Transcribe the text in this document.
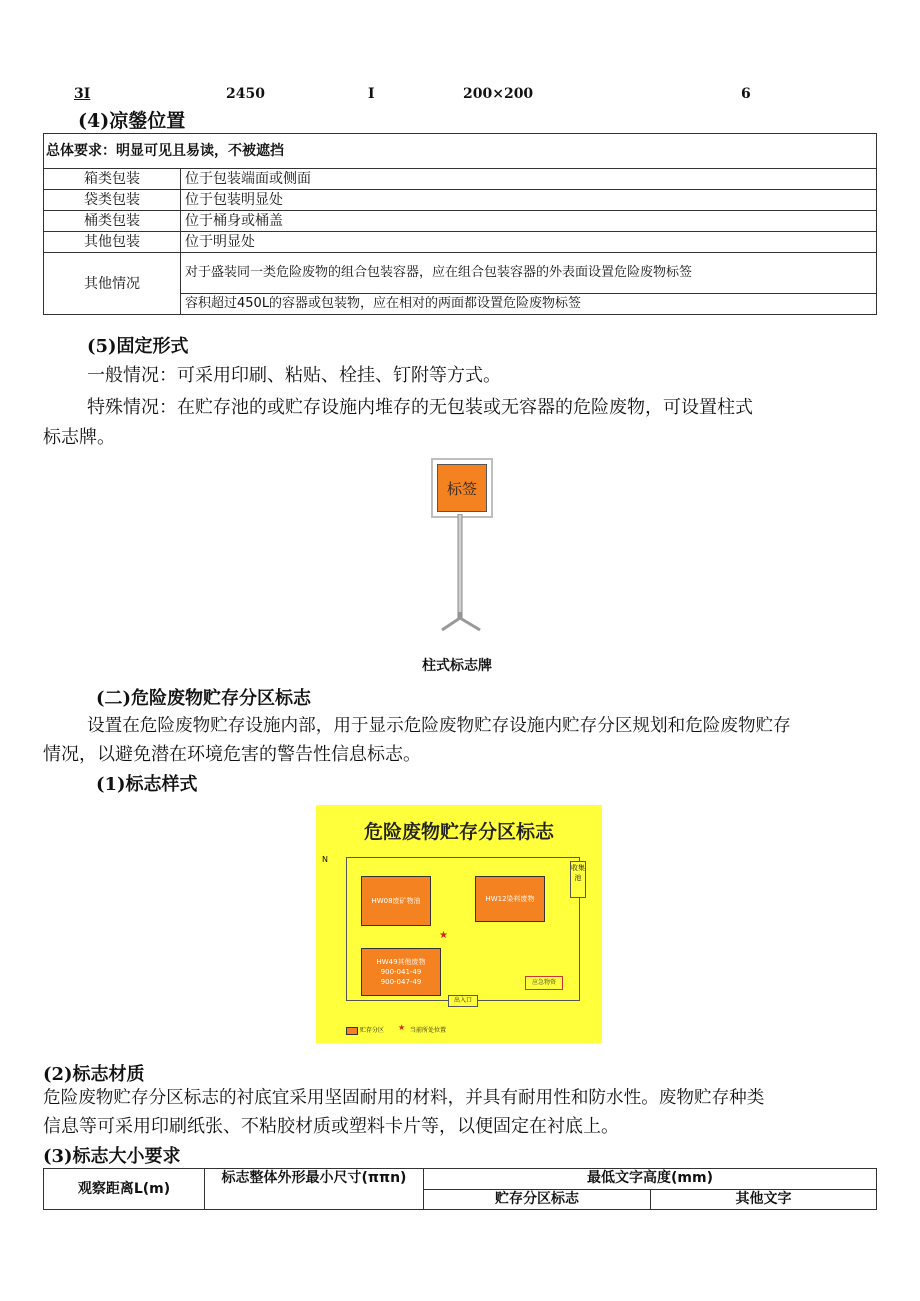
3I	2450	I	200×200	6
(4)凉鎣位置
总体要求：明显可见且易读，不被遮挡	
箱类包装	位于包装端面或侧面
袋类包装	位于包装明显处
桶类包装	位于桶身或桶盖
其他包装	位于明显处
其他情况	对于盛装同一类危险废物的组合包装容器，应在组合包装容器的外表面设置危险废物标签
	容积超过450L的容器或包装物，应在相对的两面都设置危险废物标签
(5)固定形式
一般情况：可采用印刷、粘贴、栓挂、钉附等方式。
特殊情况：在贮存池的或贮存设施内堆存的无包装或无容器的危险废物，可设置柱式
标志牌。
标签
柱式标志牌
(二)危险废物贮存分区标志
设置在危险废物贮存设施内部，用于显示危险废物贮存设施内贮存分区规划和危险废物贮存
情况，以避免潜在环境危害的警告性信息标志。
(1)标志样式
危险废物贮存分区标志
N
HW08废矿物油	HW12染料废物
HW49其他废物
900-041-49
900-047-49
★
应急物资
收集池
出入口
贮存分区 ★ 当前所处位置
(2)标志材质
危险废物贮存分区标志的衬底宜采用坚固耐用的材料，并具有耐用性和防水性。废物贮存种类
信息等可采用印刷纸张、不粘胶材质或塑料卡片等，以便固定在衬底上。
(3)标志大小要求
观察距离L(m)	标志整体外形最小尺寸(ππn)	最低文字高度(mm)	
		贮存分区标志	其他文字
